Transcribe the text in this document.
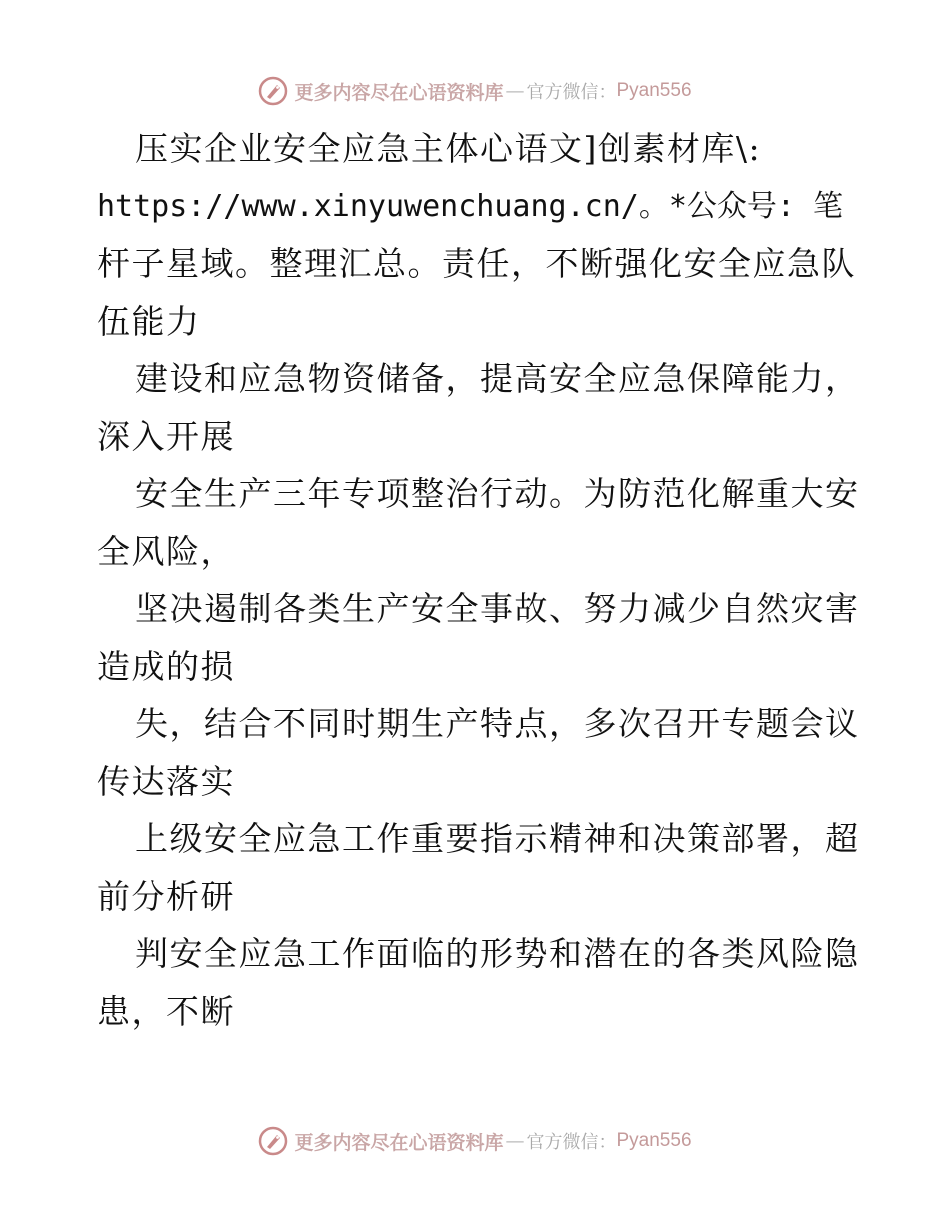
更多内容尽在心语资料库 — 官方微信： Pyan556
压实企业安全应急主体心语文]创素材库\:
https://www.xinyuwenchuang.cn/。*公众号: 笔
杆子星域。整理汇总。责任，不断强化安全应急队
伍能力
建设和应急物资储备，提高安全应急保障能力，
深入开展
安全生产三年专项整治行动。为防范化解重大安
全风险，
坚决遏制各类生产安全事故、努力减少自然灾害
造成的损
失，结合不同时期生产特点，多次召开专题会议
传达落实
上级安全应急工作重要指示精神和决策部署，超
前分析研
判安全应急工作面临的形势和潜在的各类风险隐
患，不断
更多内容尽在心语资料库 — 官方微信： Pyan556
